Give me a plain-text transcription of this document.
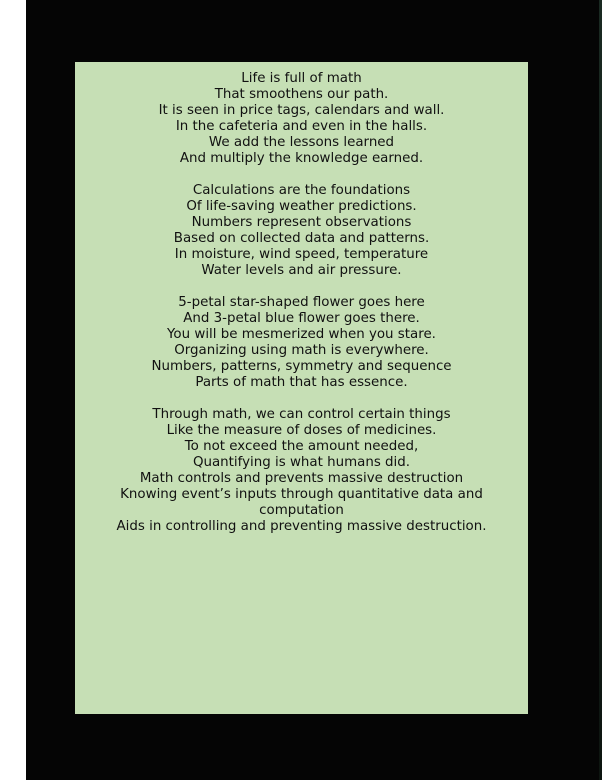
Life is full of math
That smoothens our path.
It is seen in price tags, calendars and wall.
In the cafeteria and even in the halls.
We add the lessons learned
And multiply the knowledge earned.
Calculations are the foundations
Of life-saving weather predictions.
Numbers represent observations
Based on collected data and patterns.
In moisture, wind speed, temperature
Water levels and air pressure.
5-petal star-shaped flower goes here
And 3-petal blue flower goes there.
You will be mesmerized when you stare.
Organizing using math is everywhere.
Numbers, patterns, symmetry and sequence
Parts of math that has essence.
Through math, we can control certain things
Like the measure of doses of medicines.
To not exceed the amount needed,
Quantifying is what humans did.
Math controls and prevents massive destruction
Knowing event’s inputs through quantitative data and
computation
Aids in controlling and preventing massive destruction.
